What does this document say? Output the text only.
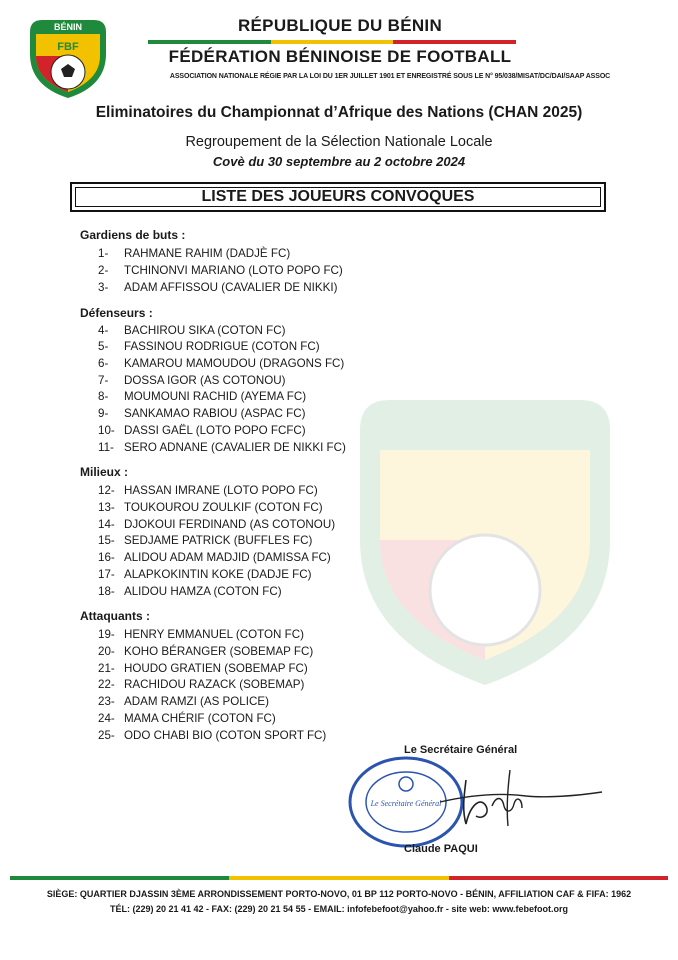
BÉNIN
FBF
RÉPUBLIQUE DU BÉNIN
FÉDÉRATION BÉNINOISE DE FOOTBALL
ASSOCIATION NATIONALE RÉGIE PAR LA LOI DU 1ER JUILLET 1901 ET ENREGISTRÉ SOUS LE N° 95/038/MISAT/DC/DAI/SAAP ASSOC
Eliminatoires du Championnat d’Afrique des Nations (CHAN 2025)
Regroupement de la Sélection Nationale Locale
Covè du 30 septembre au 2 octobre 2024
LISTE DES JOUEURS CONVOQUES
Gardiens de buts :
1- RAHMANE RAHIM (DADJÈ FC)
2- TCHINONVI MARIANO (LOTO POPO FC)
3- ADAM AFFISSOU (CAVALIER DE NIKKI)
Défenseurs :
4- BACHIROU SIKA (COTON FC)
5- FASSINOU RODRIGUE (COTON FC)
6- KAMAROU MAMOUDOU (DRAGONS FC)
7- DOSSA IGOR (AS COTONOU)
8- MOUMOUNI RACHID (AYEMA FC)
9- SANKAMAO RABIOU (ASPAC FC)
10- DASSI GAËL (LOTO POPO FCFC)
11- SERO ADNANE (CAVALIER DE NIKKI FC)
Milieux :
12- HASSAN IMRANE (LOTO POPO FC)
13- TOUKOUROU ZOULKIF (COTON FC)
14- DJOKOUI FERDINAND (AS COTONOU)
15- SEDJAME PATRICK (BUFFLES FC)
16- ALIDOU ADAM MADJID (DAMISSA FC)
17- ALAPKOKINTIN KOKE (DADJE FC)
18- ALIDOU HAMZA (COTON FC)
Attaquants :
19- HENRY EMMANUEL (COTON FC)
20- KOHO BÉRANGER (SOBEMAP FC)
21- HOUDO GRATIEN (SOBEMAP FC)
22- RACHIDOU RAZACK (SOBEMAP)
23- ADAM RAMZI (AS POLICE)
24- MAMA CHÉRIF (COTON FC)
25- ODO CHABI BIO (COTON SPORT FC)
Le Secrétaire Général
Le Secrétaire Général
Claude PAQUI
SIÈGE: QUARTIER DJASSIN 3ÈME ARRONDISSEMENT PORTO-NOVO, 01 BP 112 PORTO-NOVO - BÉNIN, AFFILIATION CAF & FIFA: 1962
TÉL: (229) 20 21 41 42 - FAX: (229) 20 21 54 55 - EMAIL: infofebefoot@yahoo.fr - site web: www.febefoot.org
